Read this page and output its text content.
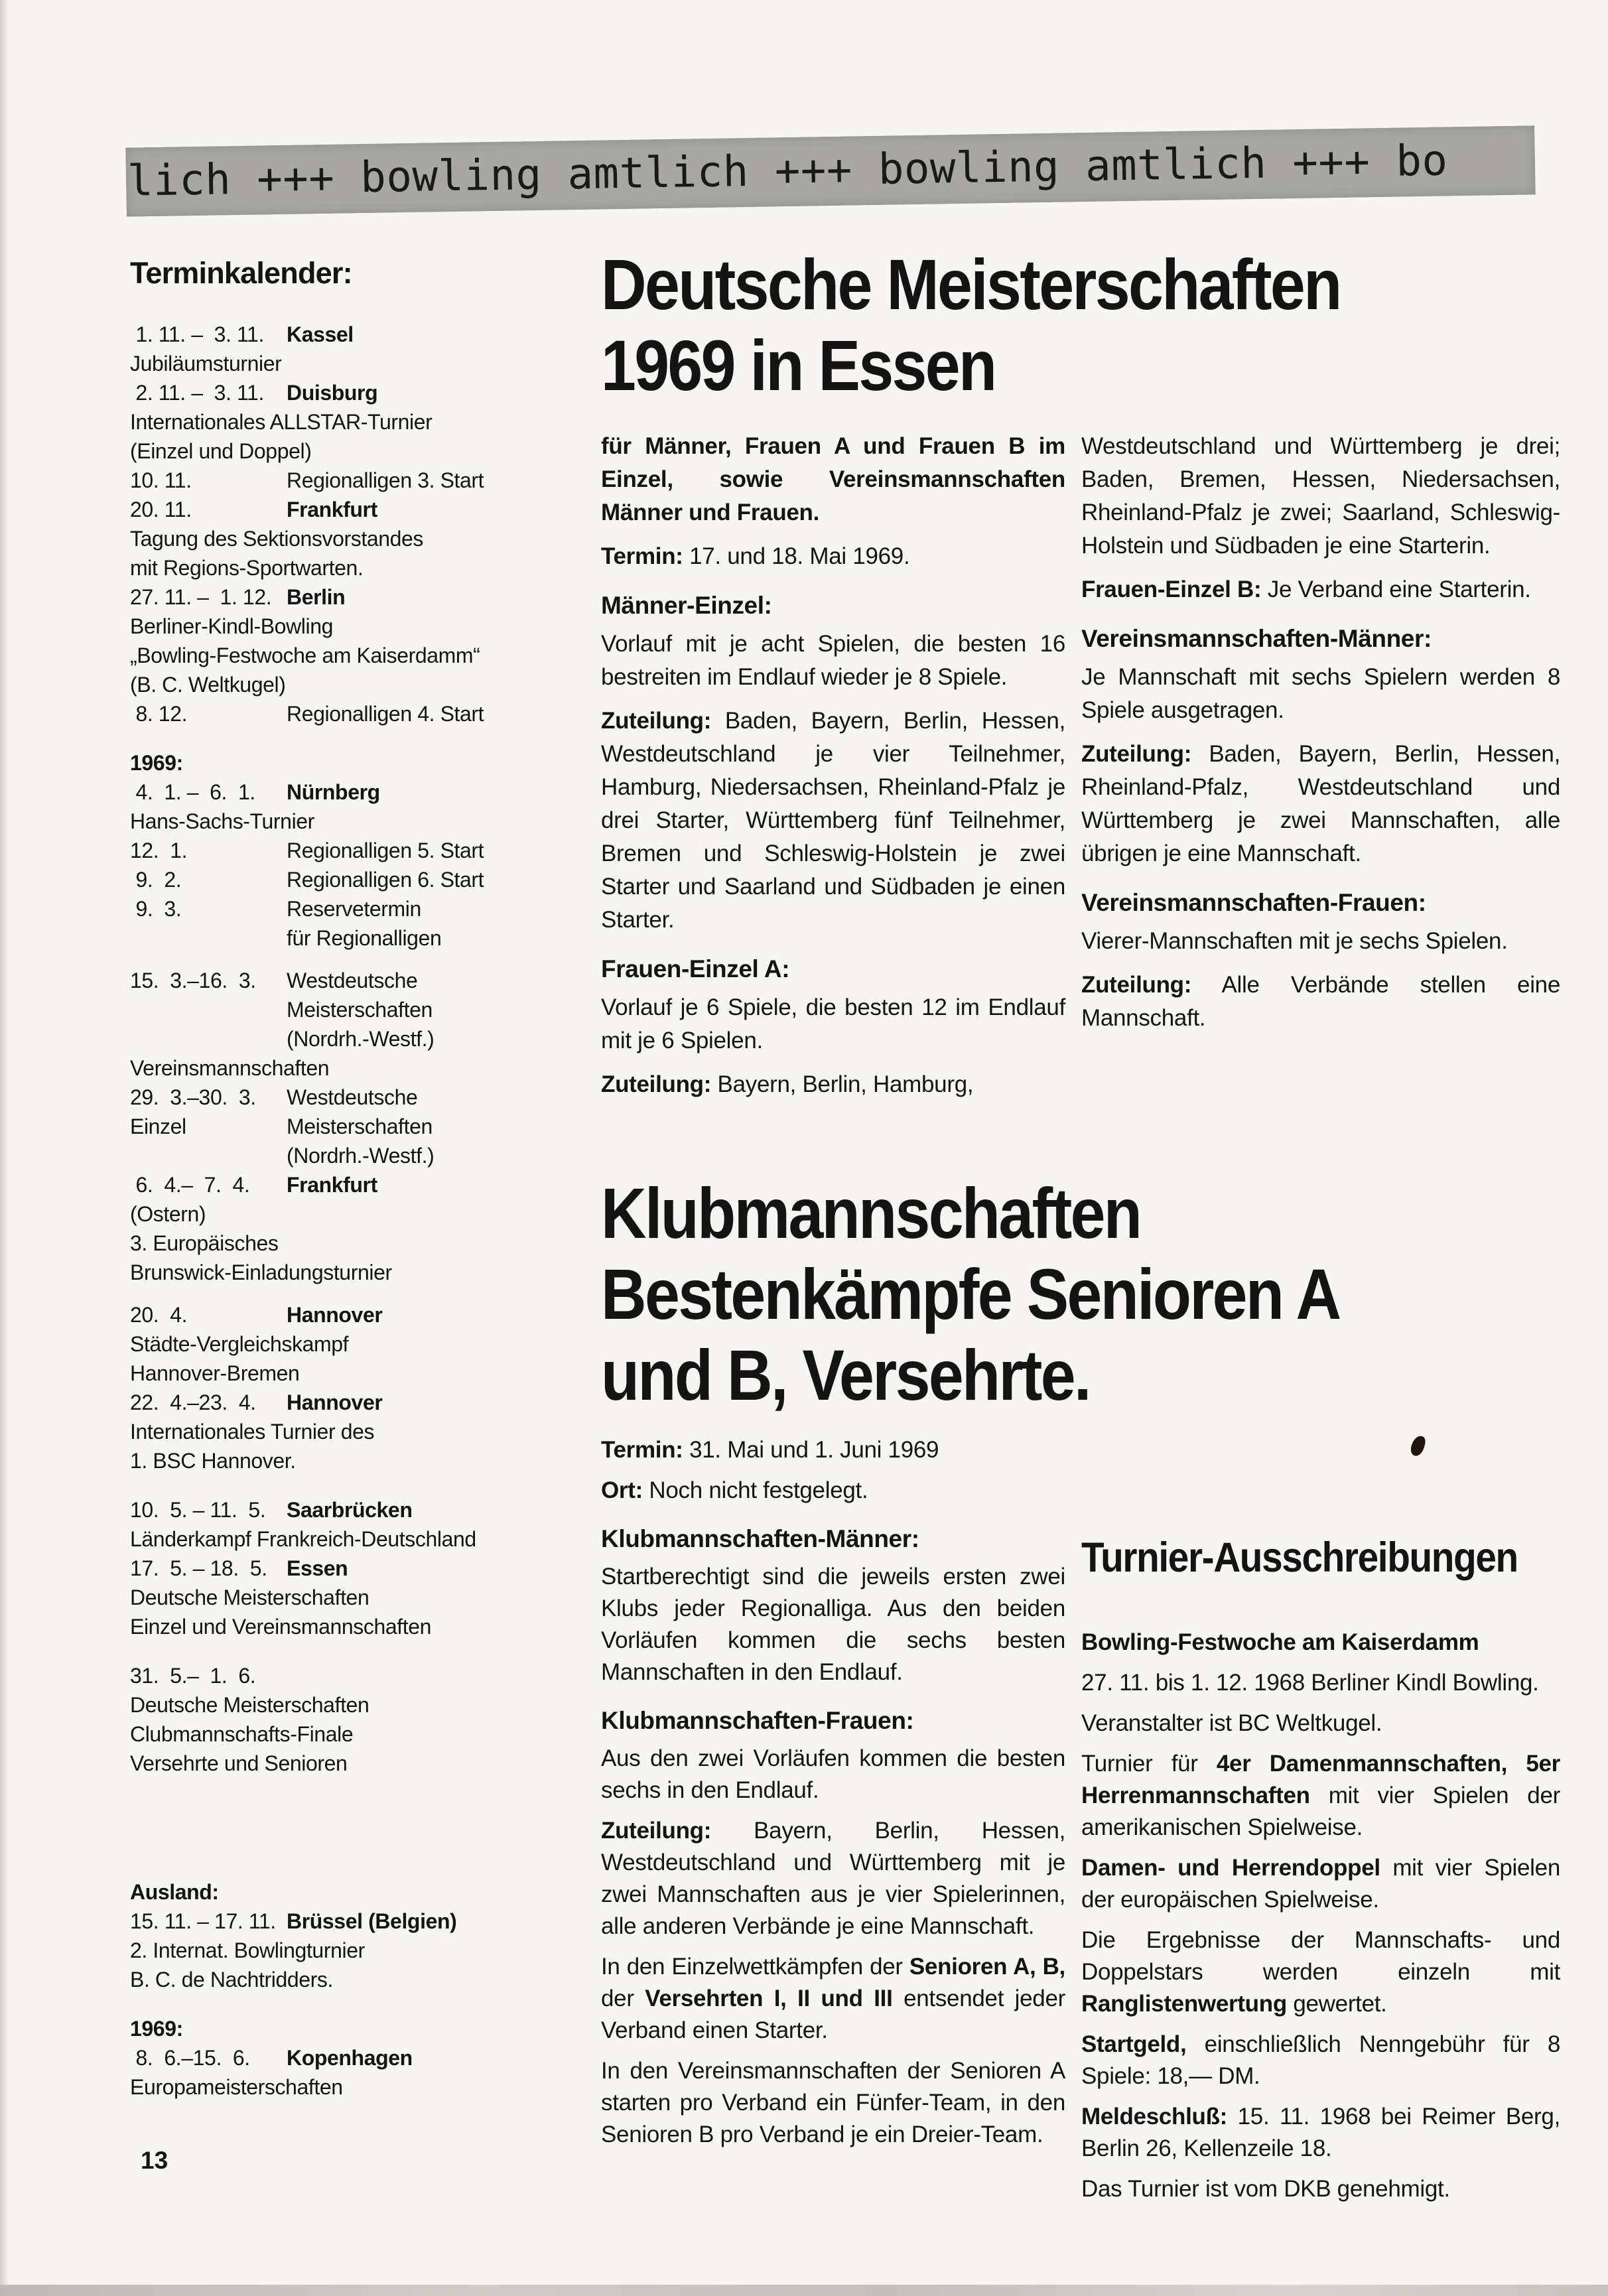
lich +++ bowling amtlich +++ bowling amtlich +++ bo
Terminkalender:
1. 11. –  3. 11. Kassel
Jubiläumsturnier
2. 11. –  3. 11. Duisburg
Internationales ALLSTAR-Turnier
(Einzel und Doppel)
10. 11.	Regionalligen 3. Start
20. 11.	Frankfurt
Tagung des Sektionsvorstandes
mit Regions-Sportwarten.
27. 11. –  1. 12. Berlin
Berliner-Kindl-Bowling
„Bowling-Festwoche am Kaiserdamm“
(B. C. Weltkugel)
8. 12.	Regionalligen 4. Start
1969:
4.  1. –  6.  1. Nürnberg
Hans-Sachs-Turnier
12.  1.	Regionalligen 5. Start
9.  2.	Regionalligen 6. Start
9.  3.	Reservetermin
für Regionalligen
15.  3.–16.  3. Westdeutsche
Meisterschaften
(Nordrh.-Westf.)
Vereinsmannschaften
29.  3.–30.  3. Westdeutsche
Einzel	Meisterschaften
(Nordrh.-Westf.)
6.  4.–  7.  4. Frankfurt
(Ostern)
3. Europäisches
Brunswick-Einladungsturnier
20.  4.	Hannover
Städte-Vergleichskampf
Hannover-Bremen
22.  4.–23.  4. Hannover
Internationales Turnier des
1. BSC Hannover.
10.  5. – 11.  5. Saarbrücken
Länderkampf Frankreich-Deutschland
17.  5. – 18.  5. Essen
Deutsche Meisterschaften
Einzel und Vereinsmannschaften
31.  5.–  1.  6.
Deutsche Meisterschaften
Clubmannschafts-Finale
Versehrte und Senioren
Ausland:
15. 11. – 17. 11. Brüssel (Belgien)
2. Internat. Bowlingturnier
B. C. de Nachtridders.
1969:
8.  6.–15.  6. Kopenhagen
Europameisterschaften
Deutsche Meisterschaften
1969 in Essen
für Männer, Frauen A und Frauen B im Einzel, sowie Vereinsmannschaften Männer und Frauen.
Termin: 17. und 18. Mai 1969.
Männer-Einzel:
Vorlauf mit je acht Spielen, die besten 16 bestreiten im Endlauf wieder je 8 Spiele.
Zuteilung: Baden, Bayern, Berlin, Hessen, Westdeutschland je vier Teilnehmer, Hamburg, Niedersachsen, Rheinland-Pfalz je drei Starter, Württemberg fünf Teilnehmer, Bremen und Schleswig-Holstein je zwei Starter und Saarland und Südbaden je einen Starter.
Frauen-Einzel A:
Vorlauf je 6 Spiele, die besten 12 im Endlauf mit je 6 Spielen.
Zuteilung: Bayern, Berlin, Hamburg,
Westdeutschland und Württemberg je drei; Baden, Bremen, Hessen, Niedersachsen, Rheinland-Pfalz je zwei; Saarland, Schleswig-Holstein und Südbaden je eine Starterin.
Frauen-Einzel B: Je Verband eine Starterin.
Vereinsmannschaften-Männer:
Je Mannschaft mit sechs Spielern werden 8 Spiele ausgetragen.
Zuteilung: Baden, Bayern, Berlin, Hessen, Rheinland-Pfalz, Westdeutschland und Württemberg je zwei Mannschaften, alle übrigen je eine Mannschaft.
Vereinsmannschaften-Frauen:
Vierer-Mannschaften mit je sechs Spielen.
Zuteilung: Alle Verbände stellen eine Mannschaft.
Klubmannschaften
Bestenkämpfe Senioren A
und B, Versehrte.
Termin: 31. Mai und 1. Juni 1969
Ort: Noch nicht festgelegt.
Klubmannschaften-Männer:
Startberechtigt sind die jeweils ersten zwei Klubs jeder Regionalliga. Aus den beiden Vorläufen kommen die sechs besten Mannschaften in den Endlauf.
Klubmannschaften-Frauen:
Aus den zwei Vorläufen kommen die besten sechs in den Endlauf.
Zuteilung: Bayern, Berlin, Hessen, Westdeutschland und Württemberg mit je zwei Mannschaften aus je vier Spielerinnen, alle anderen Verbände je eine Mannschaft.
In den Einzelwettkämpfen der Senioren A, B, der Versehrten I, II und III entsendet jeder Verband einen Starter.
In den Vereinsmannschaften der Senioren A starten pro Verband ein Fünfer-Team, in den Senioren B pro Verband je ein Dreier-Team.
Turnier-Ausschreibungen
Bowling-Festwoche am Kaiserdamm
27. 11. bis 1. 12. 1968 Berliner Kindl Bowling.
Veranstalter ist BC Weltkugel.
Turnier für 4er Damenmannschaften, 5er Herrenmannschaften mit vier Spielen der amerikanischen Spielweise.
Damen- und Herrendoppel mit vier Spielen der europäischen Spielweise.
Die Ergebnisse der Mannschafts- und Doppelstars werden einzeln mit Ranglistenwertung gewertet.
Startgeld, einschließlich Nenngebühr für 8 Spiele: 18,— DM.
Meldeschluß: 15. 11. 1968 bei Reimer Berg, Berlin 26, Kellenzeile 18.
Das Turnier ist vom DKB genehmigt.
13
